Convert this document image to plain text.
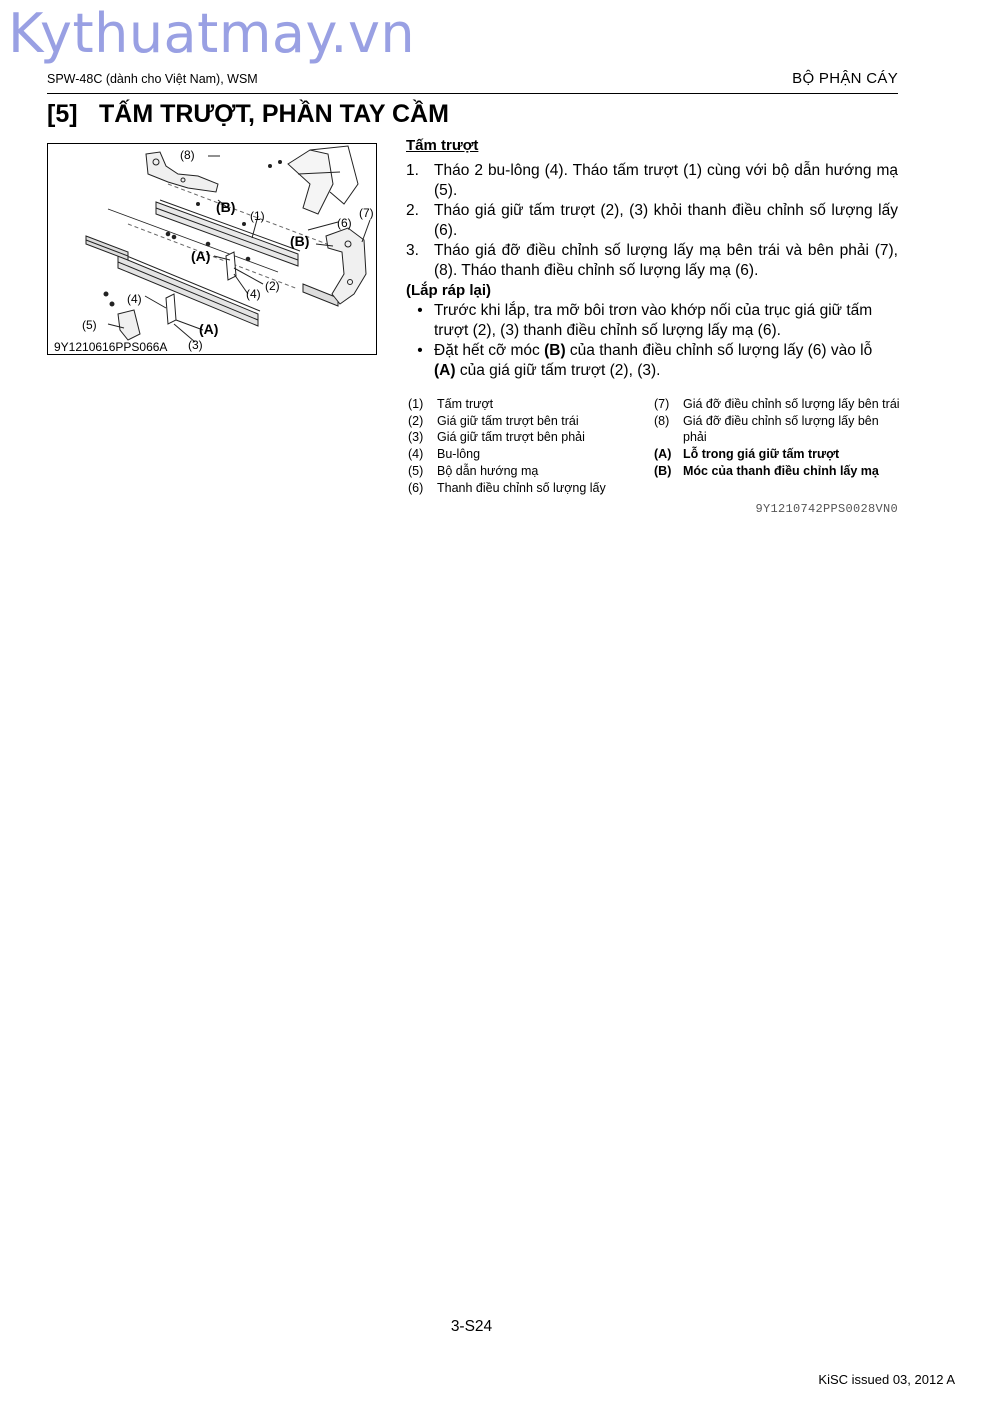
Kythuatmay.vn
SPW-48C (dành cho Việt Nam), WSM	BỘ PHẬN CÁY
[5] TẤM TRƯỢT, PHẦN TAY CẦM
(8)
(B)
(1)	(7)
(6)
(B)
(A)
(2)
(4)
(4)
(5)	(A)
(3)
9Y1210616PPS066A
Tấm trượt
1. Tháo 2 bu-lông (4). Tháo tấm trượt (1) cùng với bộ dẫn hướng mạ (5).
2. Tháo giá giữ tấm trượt (2), (3) khỏi thanh điều chỉnh số lượng lấy (6).
3. Tháo giá đỡ điều chỉnh số lượng lấy mạ bên trái và bên phải (7), (8). Tháo thanh điều chỉnh số lượng lấy mạ (6).
(Lắp ráp lại)
• Trước khi lắp, tra mỡ bôi trơn vào khớp nối của trục giá giữ tấm trượt (2), (3) thanh điều chỉnh số lượng lấy mạ (6).
• Đặt hết cỡ móc (B) của thanh điều chỉnh số lượng lấy (6) vào lỗ (A) của giá giữ tấm trượt (2), (3).
(1)	Tấm trượt
(2)	Giá giữ tấm trượt bên trái
(3)	Giá giữ tấm trượt bên phải
(4)	Bu-lông
(5)	Bộ dẫn hướng mạ
(6)	Thanh điều chỉnh số lượng lấy
(7)	Giá đỡ điều chỉnh số lượng lấy bên trái
(8)	Giá đỡ điều chỉnh số lượng lấy bên phải
(A) Lỗ trong giá giữ tấm trượt
(B) Móc của thanh điều chỉnh lấy mạ
9Y1210742PPS0028VN0
3-S24
KiSC issued 03, 2012 A
